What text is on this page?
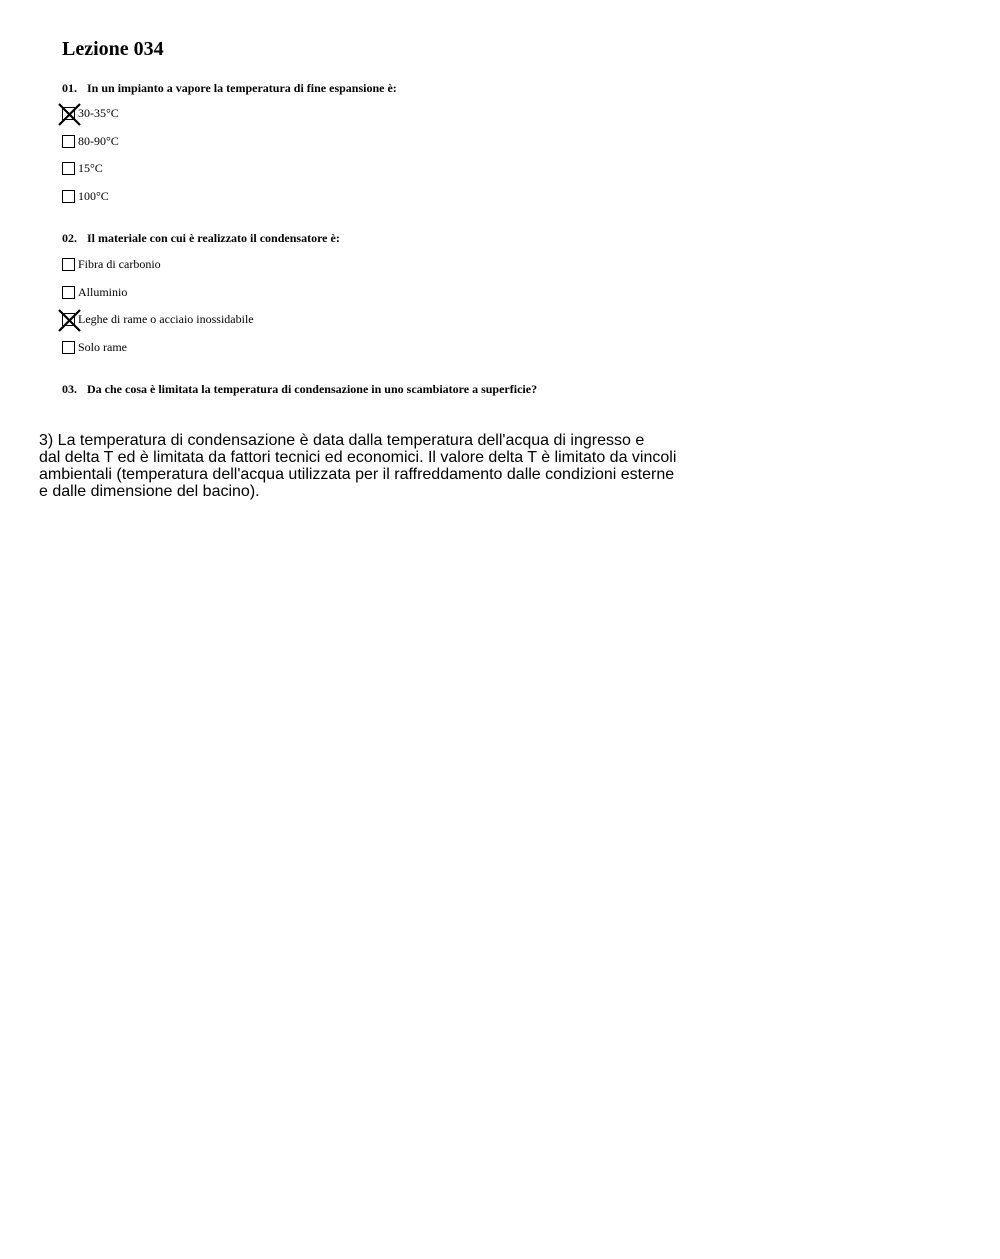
Lezione 034
01. In un impianto a vapore la temperatura di fine espansione è:
30-35°C
80-90°C
15°C
100°C
02. Il materiale con cui è realizzato il condensatore è:
Fibra di carbonio
Alluminio
Leghe di rame o acciaio inossidabile
Solo rame
03. Da che cosa è limitata la temperatura di condensazione in uno scambiatore a superficie?
3) La temperatura di condensazione è data dalla temperatura dell'acqua di ingresso e
dal delta T ed è limitata da fattori tecnici ed economici. Il valore delta T è limitato da vincoli
ambientali (temperatura dell'acqua utilizzata per il raffreddamento dalle condizioni esterne
e dalle dimensione del bacino).
